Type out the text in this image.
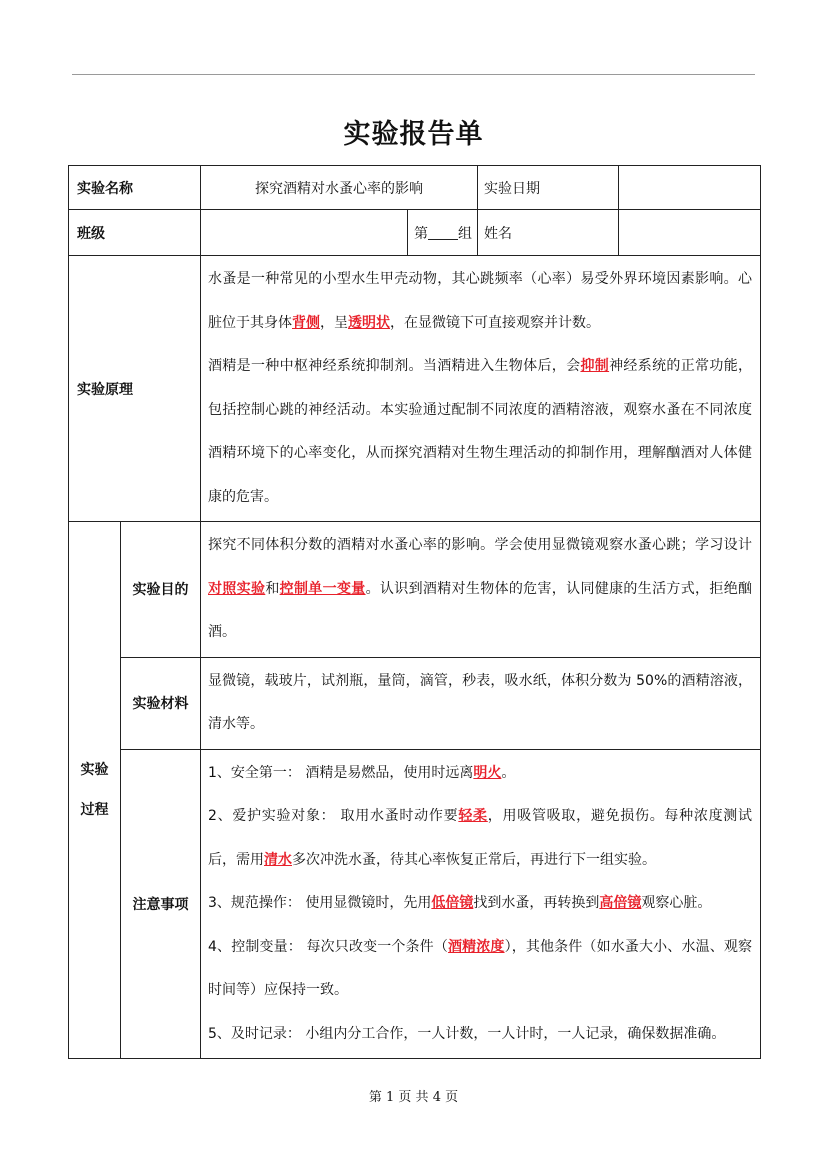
实验报告单
实验名称		探究酒精对水蚤心率的影响		实验日期	
班级			第 组	姓名	
实验原理		水蚤是一种常见的小型水生甲壳动物，其心跳频率（心率）易受外界环境因素影响。心脏位于其身体背侧，呈透明状，在显微镜下可直接观察并计数。

酒精是一种中枢神经系统抑制剂。当酒精进入生物体后，会抑制神经系统的正常功能，包括控制心跳的神经活动。本实验通过配制不同浓度的酒精溶液，观察水蚤在不同浓度酒精环境下的心率变化，从而探究酒精对生物生理活动的抑制作用，理解酗酒对人体健康的危害。			

实验
过程	实验目的	探究不同体积分数的酒精对水蚤心率的影响。学会使用显微镜观察水蚤心跳；学习设计对照实验和控制单一变量。认识到酒精对生物体的危害，认同健康的生活方式，拒绝酗酒。			
	实验材料	显微镜，载玻片，试剂瓶，量筒，滴管，秒表，吸水纸，体积分数为 50%的酒精溶液，清水等。			
	注意事项	1、安全第一： 酒精是易燃品，使用时远离明火。

2、爱护实验对象： 取用水蚤时动作要轻柔，用吸管吸取，避免损伤。每种浓度测试后，需用清水多次冲洗水蚤，待其心率恢复正常后，再进行下一组实验。

3、规范操作： 使用显微镜时，先用低倍镜找到水蚤，再转换到高倍镜观察心脏。

4、控制变量： 每次只改变一个条件（酒精浓度），其他条件（如水蚤大小、水温、观察时间等）应保持一致。

5、及时记录： 小组内分工合作，一人计数，一人计时，一人记录，确保数据准确。			

第 1 页 共 4 页
